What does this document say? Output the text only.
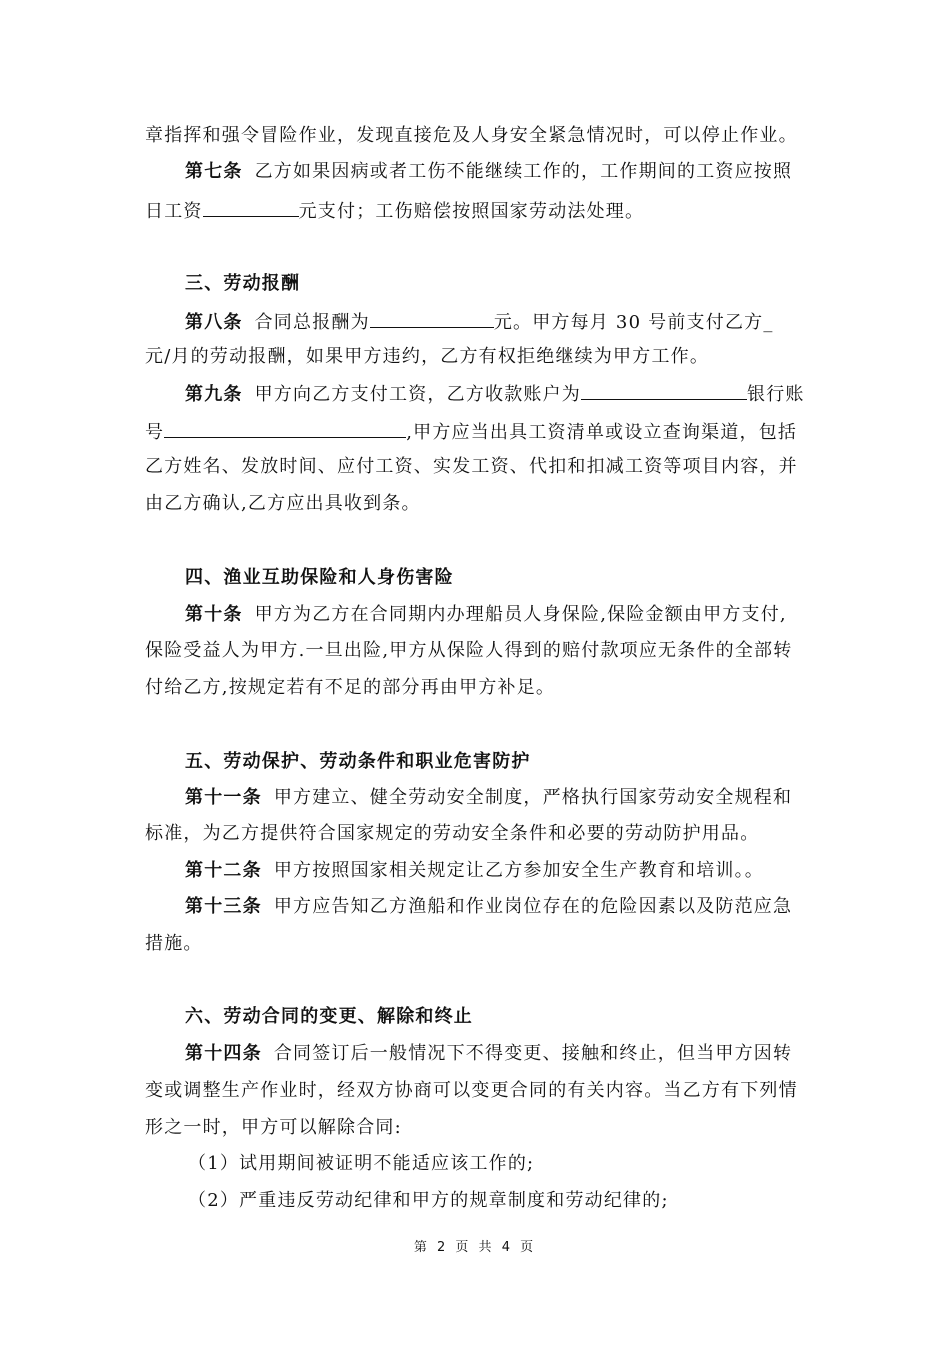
章指挥和强令冒险作业，发现直接危及人身安全紧急情况时，可以停止作业。
第七条 乙方如果因病或者工伤不能继续工作的，工作期间的工资应按照
日工资	元支付；工伤赔偿按照国家劳动法处理。
三、劳动报酬
第八条 合同总报酬为	元。甲方每月 30 号前支付乙方_
元/月的劳动报酬，如果甲方违约，乙方有权拒绝继续为甲方工作。
第九条 甲方向乙方支付工资，乙方收款账户为	银行账
号	,甲方应当出具工资清单或设立查询渠道，包括
乙方姓名、发放时间、应付工资、实发工资、代扣和扣减工资等项目内容，并
由乙方确认,乙方应出具收到条。
四、渔业互助保险和人身伤害险
第十条 甲方为乙方在合同期内办理船员人身保险,保险金额由甲方支付,
保险受益人为甲方.一旦出险,甲方从保险人得到的赔付款项应无条件的全部转
付给乙方,按规定若有不足的部分再由甲方补足。
五、劳动保护、劳动条件和职业危害防护
第十一条 甲方建立、健全劳动安全制度，严格执行国家劳动安全规程和
标准，为乙方提供符合国家规定的劳动安全条件和必要的劳动防护用品。
第十二条 甲方按照国家相关规定让乙方参加安全生产教育和培训。。
第十三条 甲方应告知乙方渔船和作业岗位存在的危险因素以及防范应急
措施。
六、劳动合同的变更、解除和终止
第十四条 合同签订后一般情况下不得变更、接触和终止，但当甲方因转
变或调整生产作业时，经双方协商可以变更合同的有关内容。当乙方有下列情
形之一时，甲方可以解除合同:
（1）试用期间被证明不能适应该工作的;
（2）严重违反劳动纪律和甲方的规章制度和劳动纪律的;
第 2 页 共 4 页
